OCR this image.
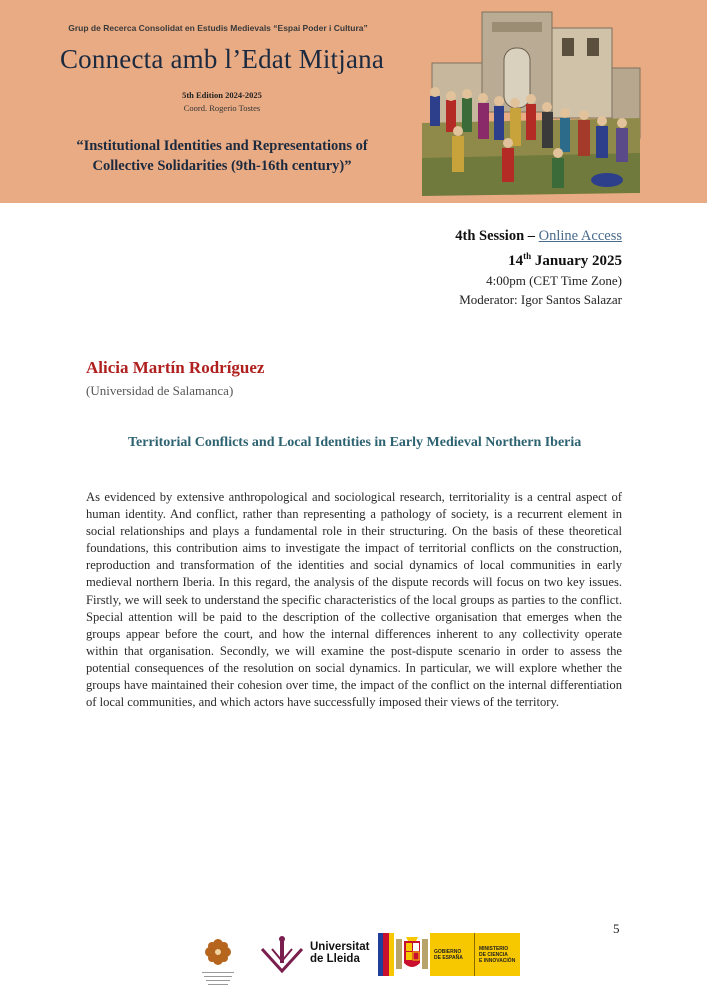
Grup de Recerca Consolidat en Estudis Medievals “Espai Poder i Cultura”
Connecta amb l’Edat Mitjana
5th Edition 2024-2025
Coord. Rogerio Tostes
“Institutional Identities and Representations of
Collective Solidarities (9th-16th century)”
4th Session – Online Access
14th January 2025
4:00pm (CET Time Zone)
Moderator: Igor Santos Salazar
Alicia Martín Rodríguez
(Universidad de Salamanca)
Territorial Conflicts and Local Identities in Early Medieval Northern Iberia
As evidenced by extensive anthropological and sociological research, territoriality is a central aspect of human identity. And conflict, rather than representing a pathology of society, is a recurrent element in social relationships and plays a fundamental role in their structuring. On the basis of these theoretical foundations, this contribution aims to investigate the impact of territorial conflicts on the construction, reproduction and transformation of the identities and social dynamics of local communities in early medieval northern Iberia. In this regard, the analysis of the dispute records will focus on two key issues. Firstly, we will seek to understand the specific characteristics of the local groups as parties to the conflict. Special attention will be paid to the description of the collective organisation that emerges when the groups appear before the court, and how the internal differences inherent to any collectivity operate within that organisation. Secondly, we will examine the post-dispute scenario in order to assess the potential consequences of the resolution on social dynamics. In particular, we will explore whether the groups have maintained their cohesion over time, the impact of the conflict on the internal differentiation of local communities, and which actors have successfully imposed their views of the territory.
5
Universitat
de Lleida
GOBIERNO
DE ESPAÑA
MINISTERIO
DE CIENCIA
E INNOVACIÓN
